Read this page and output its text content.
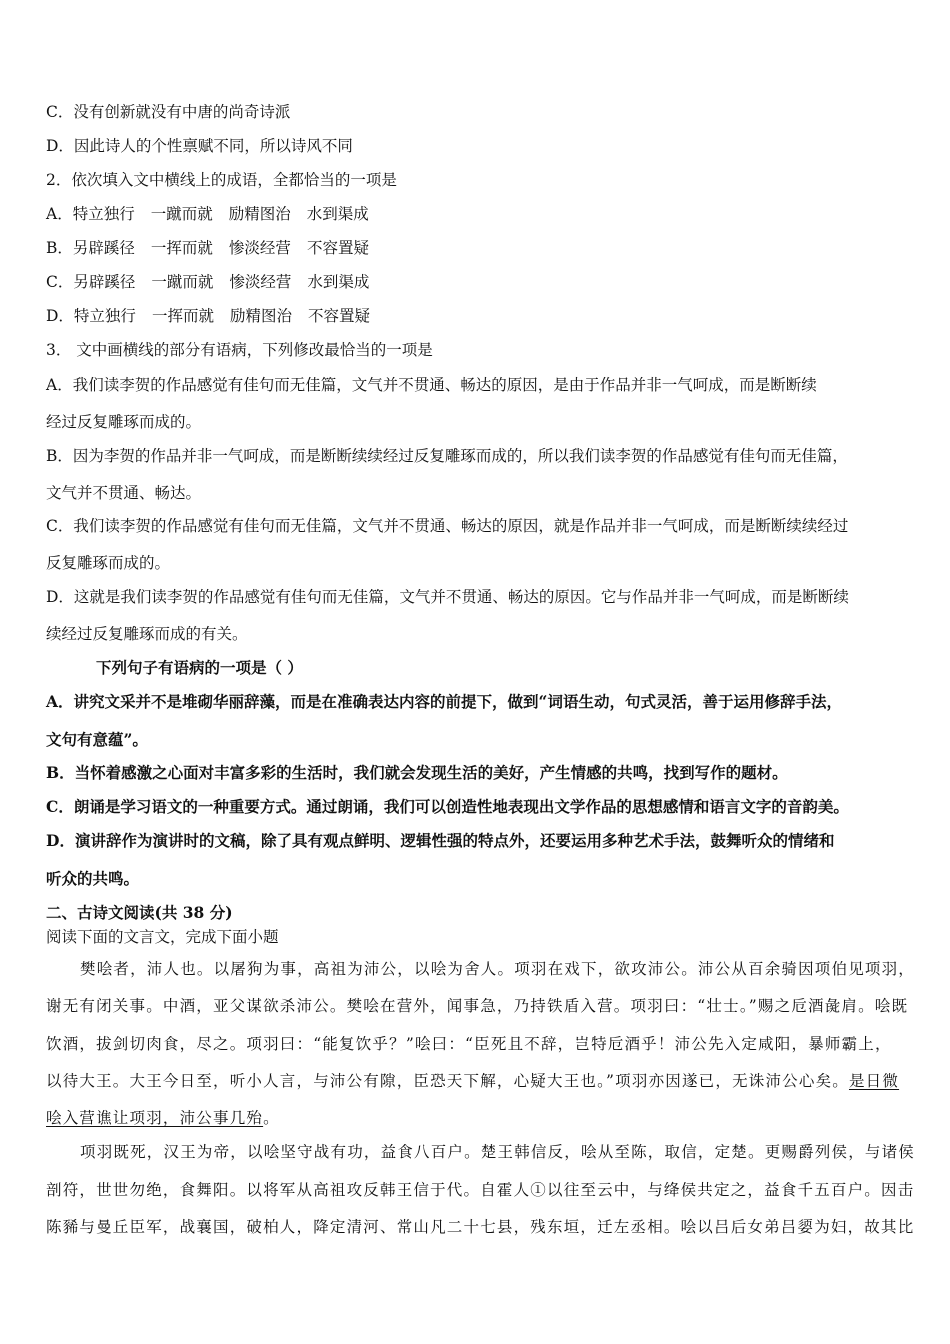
C．没有创新就没有中唐的尚奇诗派
D．因此诗人的个性禀赋不同，所以诗风不同
2．依次填入文中横线上的成语，全都恰当的一项是
A．特立独行 一蹴而就 励精图治 水到渠成
B．另辟蹊径 一挥而就 惨淡经营 不容置疑
C．另辟蹊径 一蹴而就 惨淡经营 水到渠成
D．特立独行 一挥而就 励精图治 不容置疑
3． 文中画横线的部分有语病，下列修改最恰当的一项是
A．我们读李贺的作品感觉有佳句而无佳篇，文气并不贯通、畅达的原因，是由于作品并非一气呵成，而是断断续
经过反复雕琢而成的。
B．因为李贺的作品并非一气呵成，而是断断续续经过反复雕琢而成的，所以我们读李贺的作品感觉有佳句而无佳篇，
文气并不贯通、畅达。
C．我们读李贺的作品感觉有佳句而无佳篇，文气并不贯通、畅达的原因，就是作品并非一气呵成，而是断断续续经过
反复雕琢而成的。
D．这就是我们读李贺的作品感觉有佳句而无佳篇，文气并不贯通、畅达的原因。它与作品并非一气呵成，而是断断续
续经过反复雕琢而成的有关。
下列句子有语病的一项是（ ）
A．讲究文采并不是堆砌华丽辞藻，而是在准确表达内容的前提下，做到“词语生动，句式灵活，善于运用修辞手法，
文句有意蕴”。
B．当怀着感激之心面对丰富多彩的生活时，我们就会发现生活的美好，产生情感的共鸣，找到写作的题材。
C．朗诵是学习语文的一种重要方式。通过朗诵，我们可以创造性地表现出文学作品的思想感情和语言文字的音韵美。
D．演讲辞作为演讲时的文稿，除了具有观点鲜明、逻辑性强的特点外，还要运用多种艺术手法，鼓舞听众的情绪和
听众的共鸣。
二、古诗文阅读(共 38 分)
阅读下面的文言文，完成下面小题
樊哙者，沛人也。以屠狗为事，高祖为沛公，以哙为舍人。项羽在戏下，欲攻沛公。沛公从百余骑因项伯见项羽，
谢无有闭关事。中酒，亚父谋欲杀沛公。樊哙在营外，闻事急，乃持铁盾入营。项羽曰：“壮士。”赐之卮酒彘肩。哙既
饮酒，拔剑切肉食，尽之。项羽曰：“能复饮乎？”哙曰：“臣死且不辞，岂特卮酒乎！沛公先入定咸阳，暴师霸上，
以待大王。大王今日至，听小人言，与沛公有隙，臣恐天下解，心疑大王也。”项羽亦因遂已，无诛沛公心矣。是日微
哙入营谯让项羽，沛公事几殆。
项羽既死，汉王为帝，以哙坚守战有功，益食八百户。楚王韩信反，哙从至陈，取信，定楚。更赐爵列侯，与诸侯
剖符，世世勿绝，食舞阳。以将军从高祖攻反韩王信于代。自霍人①以往至云中，与绛侯共定之，益食千五百户。因击
陈豨与曼丘臣军，战襄国，破柏人，降定清河、常山凡二十七县，残东垣，迁左丞相。哙以吕后女弟吕媭为妇，故其比
